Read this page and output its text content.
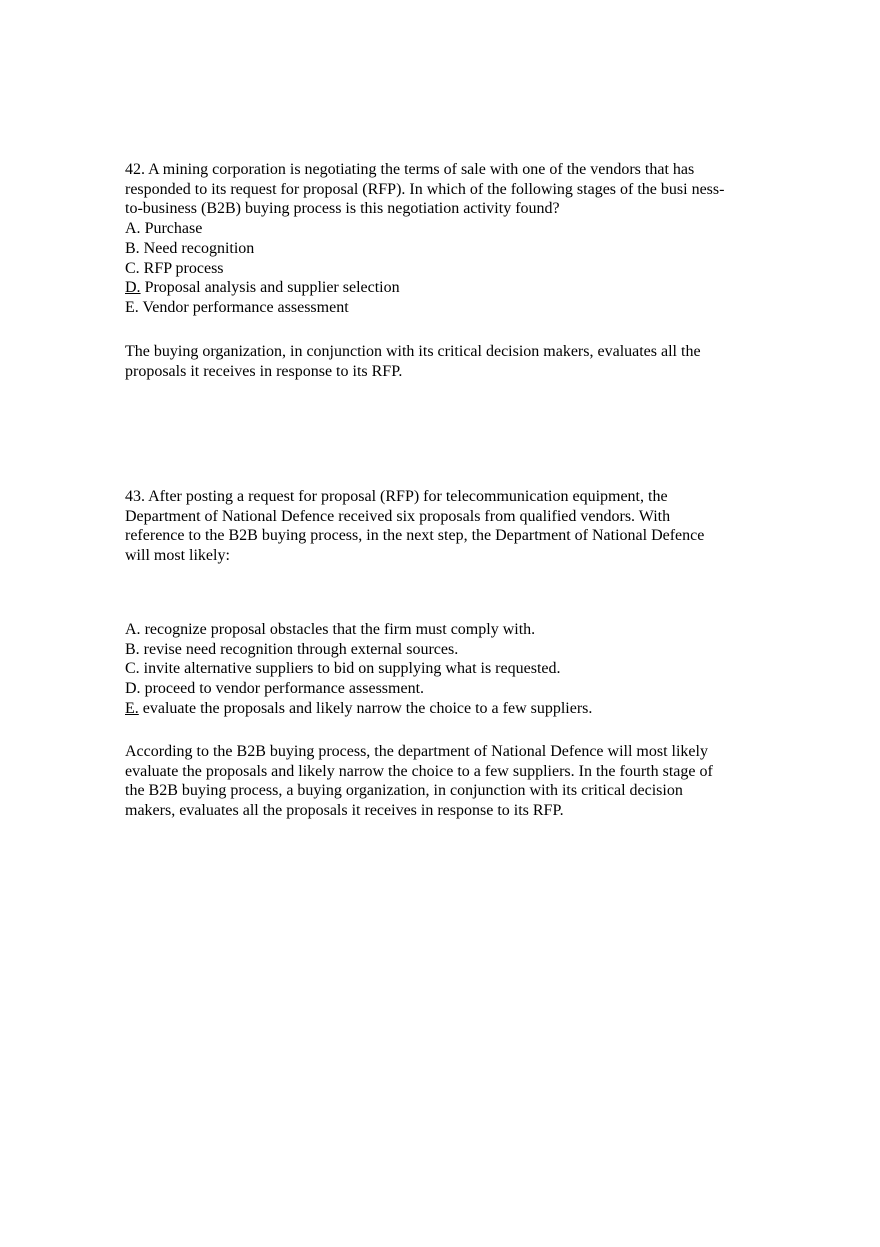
42. A mining corporation is negotiating the terms of sale with one of the vendors that has
responded to its request for proposal (RFP). In which of the following stages of the busi ness-
to-business (B2B) buying process is this negotiation activity found?
A. Purchase
B. Need recognition
C. RFP process
D. Proposal analysis and supplier selection
E. Vendor performance assessment
The buying organization, in conjunction with its critical decision makers, evaluates all the
proposals it receives in response to its RFP.
43. After posting a request for proposal (RFP) for telecommunication equipment, the
Department of National Defence received six proposals from qualified vendors. With
reference to the B2B buying process, in the next step, the Department of National Defence
will most likely:
A. recognize proposal obstacles that the firm must comply with.
B. revise need recognition through external sources.
C. invite alternative suppliers to bid on supplying what is requested.
D. proceed to vendor performance assessment.
E. evaluate the proposals and likely narrow the choice to a few suppliers.
According to the B2B buying process, the department of National Defence will most likely
evaluate the proposals and likely narrow the choice to a few suppliers. In the fourth stage of
the B2B buying process, a buying organization, in conjunction with its critical decision
makers, evaluates all the proposals it receives in response to its RFP.
